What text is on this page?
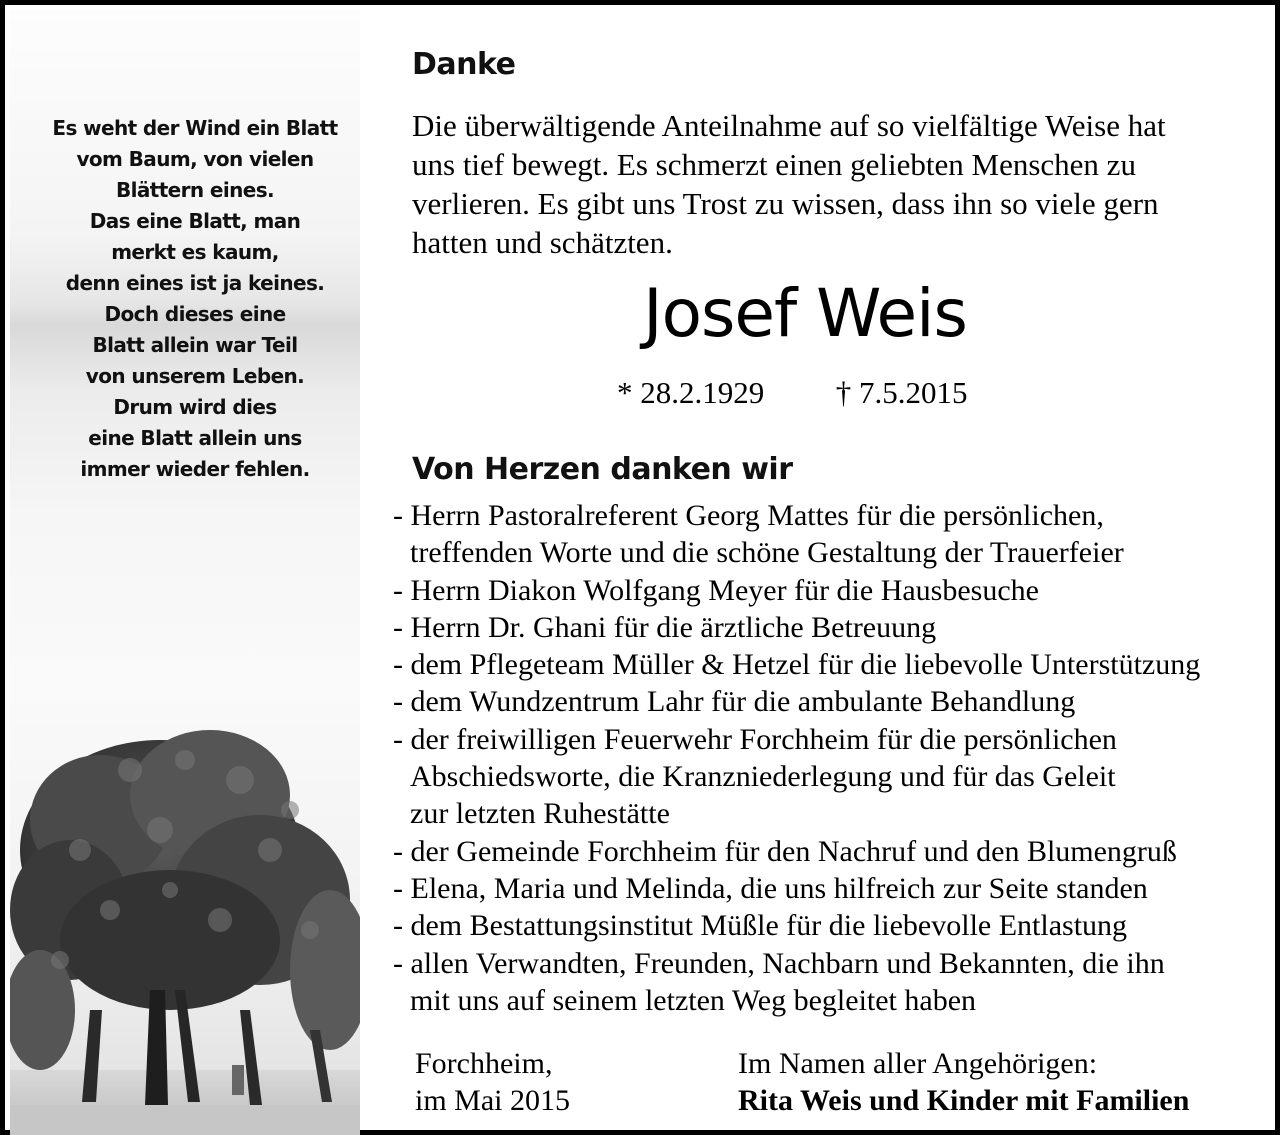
Es weht der Wind ein Blatt
vom Baum, von vielen
Blättern eines.
Das eine Blatt, man
merkt es kaum,
denn eines ist ja keines.
Doch dieses eine
Blatt allein war Teil
von unserem Leben.
Drum wird dies
eine Blatt allein uns
immer wieder fehlen.
Danke
Die überwältigende Anteilnahme auf so vielfältige Weise hat
uns tief bewegt. Es schmerzt einen geliebten Menschen zu
verlieren. Es gibt uns Trost zu wissen, dass ihn so viele gern
hatten und schätzten.
Josef Weis
* 28.2.1929 † 7.5.2015
Von Herzen danken wir
- Herrn Pastoralreferent Georg Mattes für die persönlichen,
treffenden Worte und die schöne Gestaltung der Trauerfeier
- Herrn Diakon Wolfgang Meyer für die Hausbesuche
- Herrn Dr. Ghani für die ärztliche Betreuung
- dem Pflegeteam Müller & Hetzel für die liebevolle Unterstützung
- dem Wundzentrum Lahr für die ambulante Behandlung
- der freiwilligen Feuerwehr Forchheim für die persönlichen
Abschiedsworte, die Kranzniederlegung und für das Geleit
zur letzten Ruhestätte
- der Gemeinde Forchheim für den Nachruf und den Blumengruß
- Elena, Maria und Melinda, die uns hilfreich zur Seite standen
- dem Bestattungsinstitut Müßle für die liebevolle Entlastung
- allen Verwandten, Freunden, Nachbarn und Bekannten, die ihn
mit uns auf seinem letzten Weg begleitet haben
Forchheim,
im Mai 2015
Im Namen aller Angehörigen:
Rita Weis und Kinder mit Familien
